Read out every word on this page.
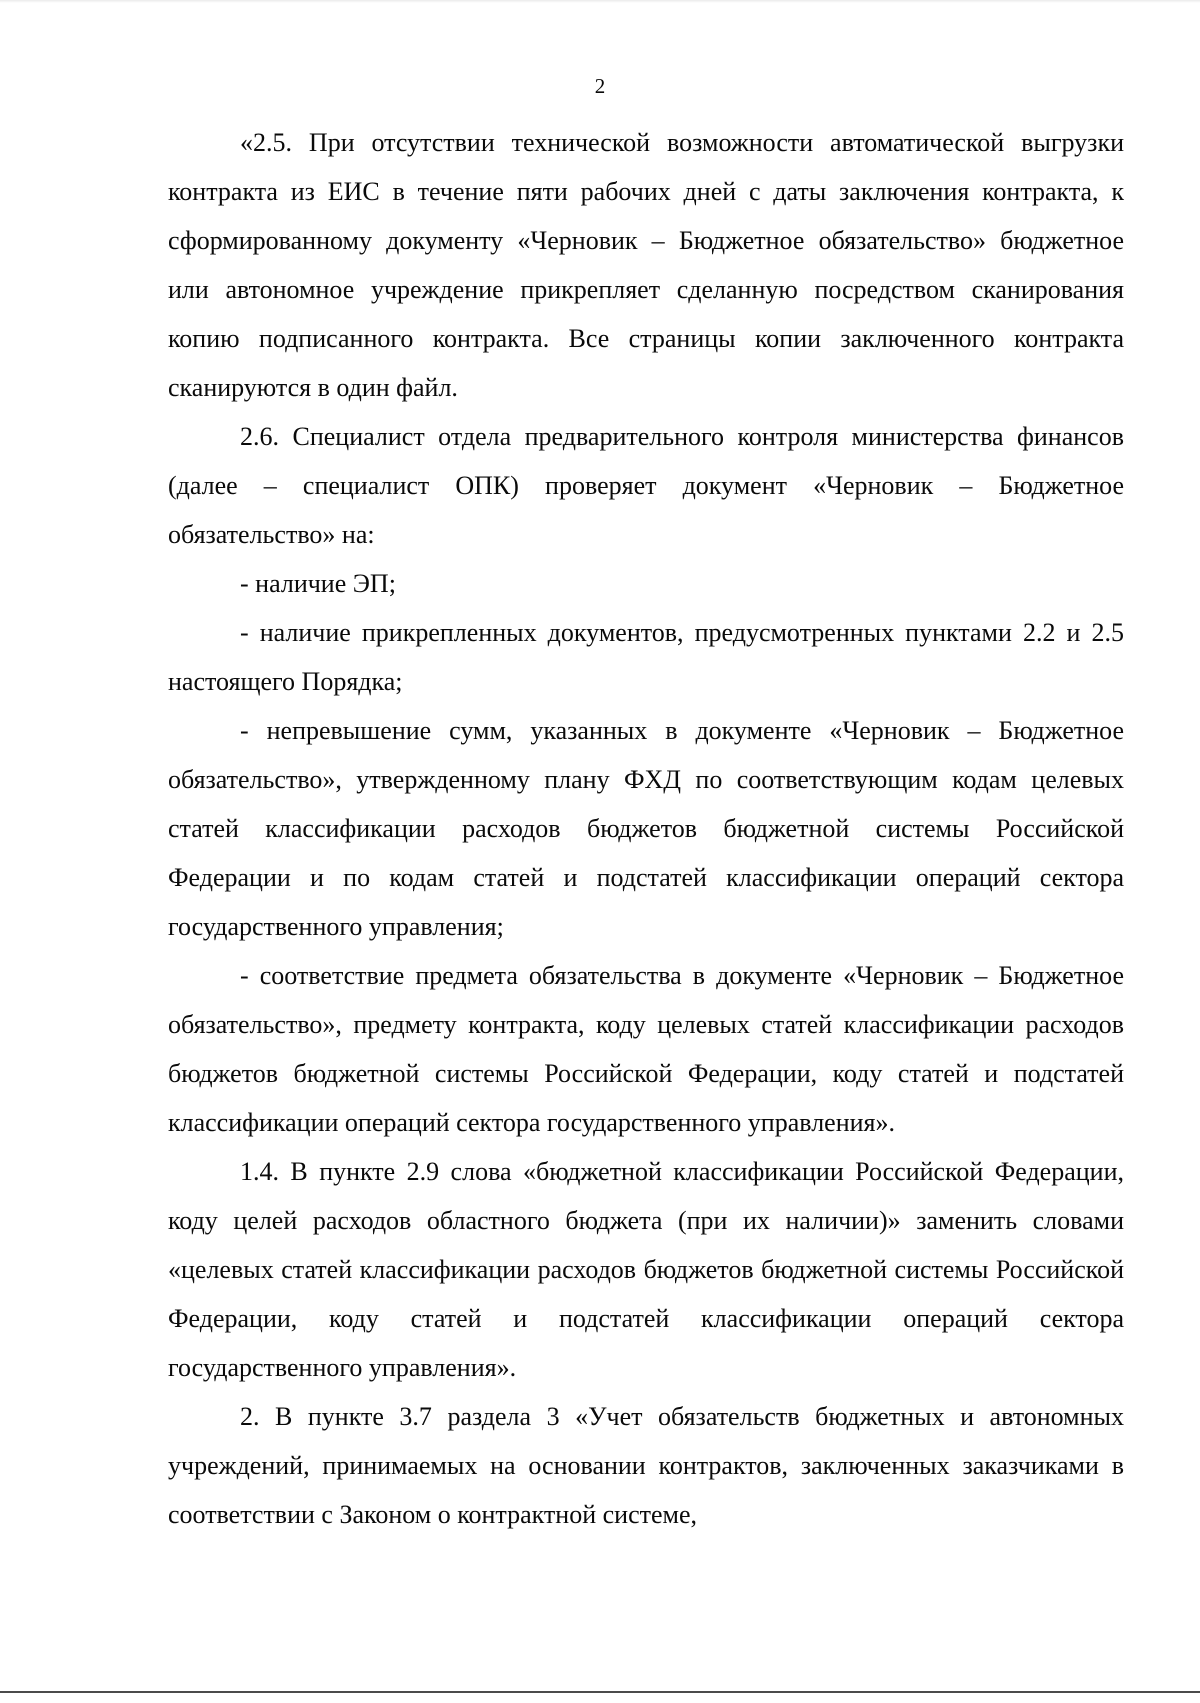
2

«2.5. При отсутствии технической возможности автоматической выгрузки контракта из ЕИС в течение пяти рабочих дней с даты заключения контракта, к сформированному документу «Черновик – Бюджетное обязательство» бюджетное или автономное учреждение прикрепляет сделанную посредством сканирования копию подписанного контракта. Все страницы копии заключенного контракта сканируются в один файл.

2.6. Специалист отдела предварительного контроля министерства финансов (далее – специалист ОПК) проверяет документ «Черновик – Бюджетное обязательство» на:

- наличие ЭП;

- наличие прикрепленных документов, предусмотренных пунктами 2.2 и 2.5 настоящего Порядка;

- непревышение сумм, указанных в документе «Черновик – Бюджетное обязательство», утвержденному плану ФХД по соответствующим кодам целевых статей классификации расходов бюджетов бюджетной системы Российской Федерации и по кодам статей и подстатей классификации операций сектора государственного управления;

- соответствие предмета обязательства в документе «Черновик – Бюджетное обязательство», предмету контракта, коду целевых статей классификации расходов бюджетов бюджетной системы Российской Федерации, коду статей и подстатей классификации операций сектора государственного управления».

1.4. В пункте 2.9 слова «бюджетной классификации Российской Федерации, коду целей расходов областного бюджета (при их наличии)» заменить словами «целевых статей классификации расходов бюджетов бюджетной системы Российской Федерации, коду статей и подстатей классификации операций сектора государственного управления».

2. В пункте 3.7 раздела 3 «Учет обязательств бюджетных и автономных учреждений, принимаемых на основании контрактов, заключенных заказчиками в соответствии с Законом о контрактной системе,
